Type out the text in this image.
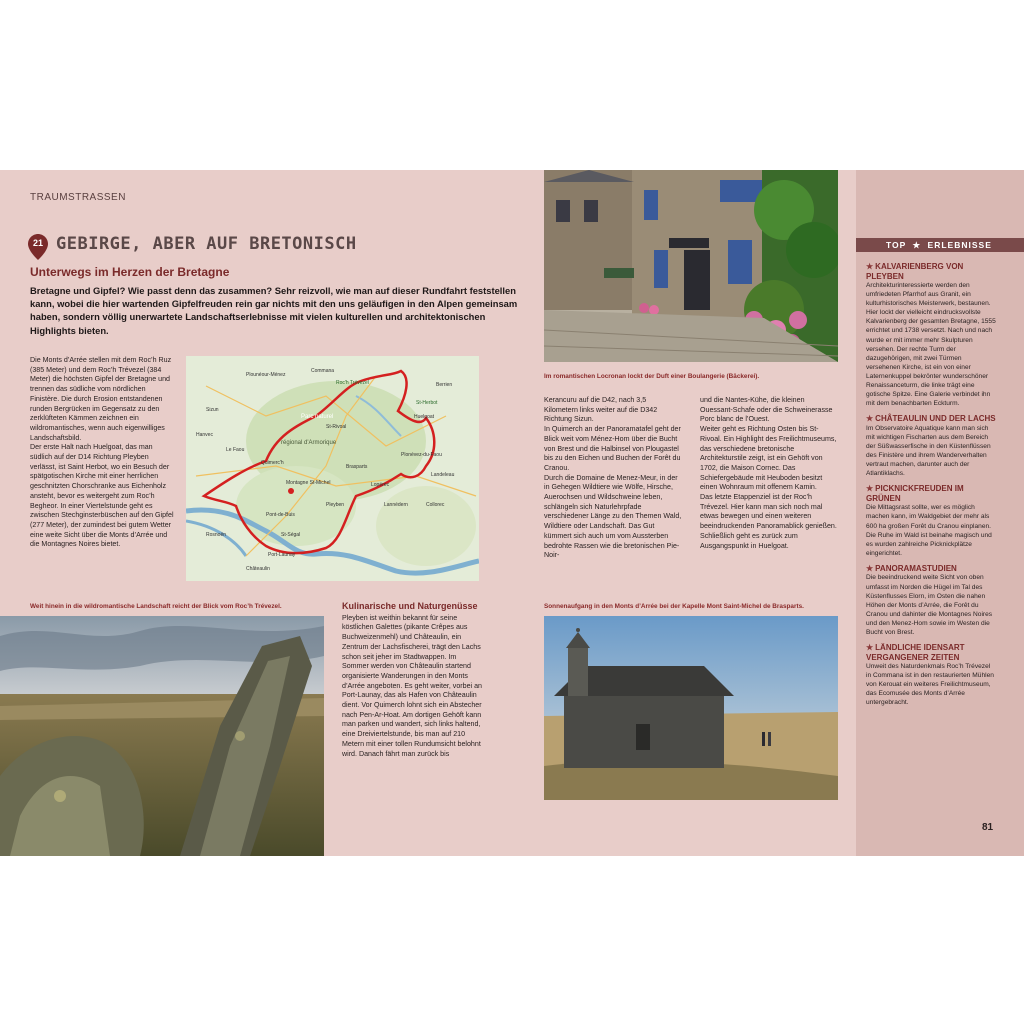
TRAUMSTRASSEN
21 GEBIRGE, ABER AUF BRETONISCH
Unterwegs im Herzen der Bretagne
Bretagne und Gipfel? Wie passt denn das zusammen? Sehr reizvoll, wie man auf dieser Rundfahrt feststellen kann, wobei die hier wartenden Gipfelfreuden rein gar nichts mit den uns geläufigen in den Alpen gemeinsam haben, sondern völlig unerwartete Landschaftserlebnisse mit vielen kulturellen und architektonischen Highlights bieten.

Die Monts d’Arrée stellen mit dem Roc’h Ruz (385 Meter) und dem Roc’h Trévezel (384 Meter) die höchsten Gipfel der Bretagne und trennen das südliche vom nördlichen Finistère. Die durch Erosion entstandenen runden Bergrücken im Gegensatz zu den zerklüfteten Kämmen zeichnen ein wildromantisches, wenn auch eigenwilliges Landschaftsbild.

Der erste Halt nach Huelgoat, das man südlich auf der D14 Richtung Pleyben verlässt, ist Saint Herbot, wo ein Besuch der spätgotischen Kirche mit einer herrlichen geschnitzten Chorschranke aus Eichenholz ansteht, bevor es weitergeht zum Roc’h Begheor. In einer Viertelstunde geht es zwischen Stechginsterbüschen auf den Gipfel (277 Meter), der zumindest bei gutem Wetter eine weite Sicht über die Monts d’Arrée und die Montagnes Noires bietet.

Parc naturel
régional d'Armorique
Plounéour-Ménez
Commana
Sizun
Huelgoat
Berrien
St-Rivoal
Plonévez-du-Faou
Brasparts
Lopérec
Pleyben
Châteaulin
Port-Launay
Pont-de-Buis
Quimerc'h
Le Faou
Hanvec
Lannédern	Collorec
Landeleau
St-Ségal
Rosnoën
St-Herbot
Roc'h Trévezel
Montagne St-Michel
Weit hinein in die wildromantische Landschaft reicht der Blick vom Roc’h Trévezel.	Kulinarische und Naturgenüsse

Pleyben ist weithin bekannt für seine köstlichen Galettes (pikante Crêpes aus Buchweizenmehl) und Châteaulin, ein Zentrum der Lachsfischerei, trägt den Lachs schon seit jeher im Stadtwappen. Im Sommer werden von Châteaulin startend organisierte Wanderungen in den Monts d’Arrée angeboten. Es geht weiter, vorbei an Port-Launay, das als Hafen von Châteaulin dient. Vor Quimerch lohnt sich ein Abstecher nach Pen-Ar-Hoat. Am dortigen Gehöft kann man parken und wandert, sich links haltend, eine Dreiviertelstunde, bis man auf 210 Metern mit einer tollen Rundumsicht belohnt wird. Danach fährt man zurück bis

Im romantischen Locronan lockt der Duft einer Boulangerie (Bäckerei).

Kerancuru auf die D42, nach 3,5 Kilometern links weiter auf die D342 Richtung Sizun.

In Quimerch an der Panoramatafel geht der Blick weit vom Ménez-Hom über die Bucht von Brest und die Halbinsel von Plougastel bis zu den Eichen und Buchen der Forêt du Cranou.

Durch die Domaine de Menez-Meur, in der in Gehegen Wildtiere wie Wölfe, Hirsche, Auerochsen und Wildschweine leben, schlängeln sich Naturlehrpfade verschiedener Länge zu den Themen Wald, Wildtiere oder Landschaft. Das Gut kümmert sich auch um vom Aussterben bedrohte Rassen wie die bretonischen Pie-Noir-

und die Nantes-Kühe, die kleinen Ouessant-Schafe oder die Schweinerasse Porc blanc de l’Ouest.

Weiter geht es Richtung Osten bis St-Rivoal. Ein Highlight des Freilichtmuseums, das verschiedene bretonische Architekturstile zeigt, ist ein Gehöft von 1702, die Maison Cornec. Das Schiefergebäude mit Heuboden besitzt einen Wohnraum mit offenem Kamin.

Das letzte Etappenziel ist der Roc’h Trévezel. Hier kann man sich noch mal etwas bewegen und einen weiteren beeindruckenden Panoramablick genießen.

Schließlich geht es zurück zum Ausgangspunkt in Huelgoat.

Sonnenaufgang in den Monts d’Arrée bei der Kapelle Mont Saint-Michel de Brasparts.
TOP ★ ERLEBNISSE
★ KALVARIENBERG VON PLEYBEN
Architekturinteressierte werden den umfriedeten Pfarrhof aus Granit, ein kulturhistorisches Meisterwerk, bestaunen. Hier lockt der vielleicht eindrucksvollste Kalvarienberg der gesamten Bretagne, 1555 errichtet und 1738 versetzt. Nach und nach wurde er mit immer mehr Skulpturen versehen. Der rechte Turm der dazugehörigen, mit zwei Türmen versehenen Kirche, ist ein von einer Laternenkuppel bekrönter wunderschöner Renaissanceturm, die linke trägt eine gotische Spitze. Eine Galerie verbindet ihn mit dem benachbarten Eckturm.
★ CHÂTEAULIN UND DER LACHS
Im Observatoire Aquatique kann man sich mit wichtigen Fischarten aus dem Bereich der Süßwasserfische in den Küstenflüssen des Finistère und ihrem Wanderverhalten vertraut machen, darunter auch der Atlantiklachs.
★ PICKNICKFREUDEN IM GRÜNEN
Die Mittagsrast sollte, wer es möglich machen kann, im Waldgebiet der mehr als 600 ha großen Forêt du Cranou einplanen. Die Ruhe im Wald ist beinahe magisch und es wurden zahlreiche Picknickplätze eingerichtet.
★ PANORAMASTUDIEN
Die beeindruckend weite Sicht von oben umfasst im Norden die Hügel im Tal des Küstenflusses Elorn, im Osten die nahen Höhen der Monts d’Arrée, die Forêt du Cranou und dahinter die Montagnes Noires und den Menez-Hom sowie im Westen die Bucht von Brest.
★ LÄNDLICHE IDENSART VERGANGENER ZEITEN
Unweit des Naturdenkmals Roc’h Trévezel in Commana ist in den restaurierten Mühlen von Kerouat ein weiteres Freilichtmuseum, das Ecomusée des Monts d’Arrée untergebracht.
81
